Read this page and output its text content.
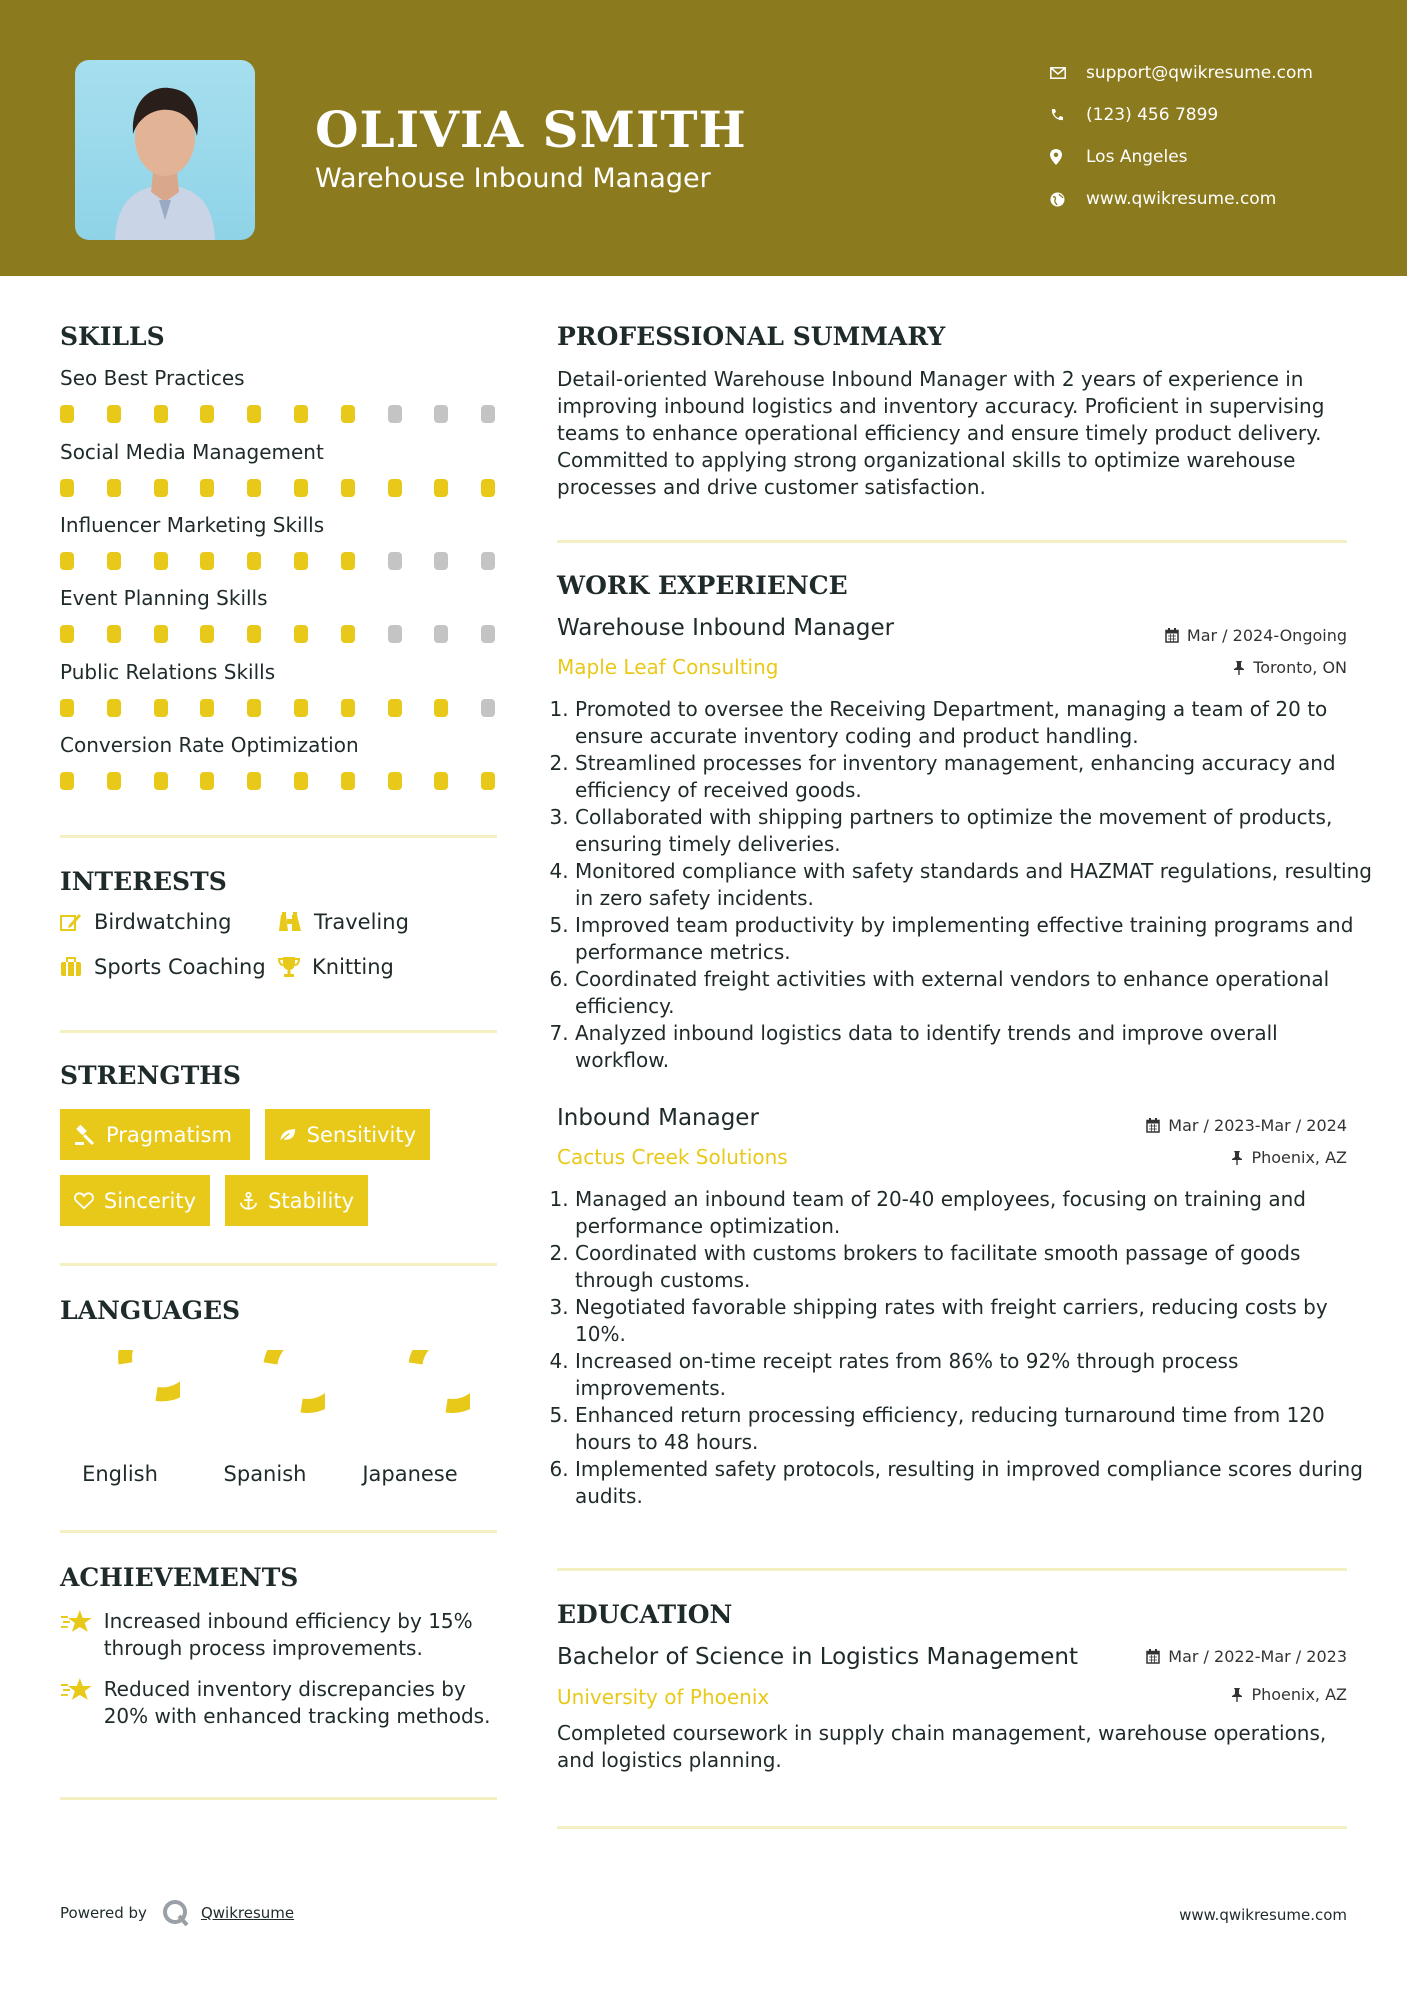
OLIVIA SMITH
Warehouse Inbound Manager
support@qwikresume.com
(123) 456 7899
Los Angeles
www.qwikresume.com
SKILLS
Seo Best Practices
Social Media Management
Influencer Marketing Skills
Event Planning Skills
Public Relations Skills
Conversion Rate Optimization
INTERESTS
Birdwatching	Traveling
Sports Coaching Knitting
STRENGTHS
Pragmatism	Sensitivity
Sincerity	Stability
LANGUAGES
English	Spanish	Japanese
ACHIEVEMENTS
Increased inbound efficiency by 15% through process improvements.
Reduced inventory discrepancies by 20% with enhanced tracking methods.
PROFESSIONAL SUMMARY

Detail-oriented Warehouse Inbound Manager with 2 years of experience in improving inbound logistics and inventory accuracy. Proficient in supervising teams to enhance operational efficiency and ensure timely product delivery. Committed to applying strong organizational skills to optimize warehouse processes and drive customer satisfaction.

WORK EXPERIENCE
Warehouse Inbound Manager	Mar / 2024-Ongoing
Maple Leaf Consulting	Toronto, ON
1. Promoted to oversee the Receiving Department, managing a team of 20 to ensure accurate inventory coding and product handling.
2. Streamlined processes for inventory management, enhancing accuracy and efficiency of received goods.
3. Collaborated with shipping partners to optimize the movement of products, ensuring timely deliveries.
4. Monitored compliance with safety standards and HAZMAT regulations, resulting in zero safety incidents.
5. Improved team productivity by implementing effective training programs and performance metrics.
6. Coordinated freight activities with external vendors to enhance operational efficiency.
7. Analyzed inbound logistics data to identify trends and improve overall workflow.
Inbound Manager	Mar / 2023-Mar / 2024
Cactus Creek Solutions	Phoenix, AZ
1. Managed an inbound team of 20-40 employees, focusing on training and performance optimization.
2. Coordinated with customs brokers to facilitate smooth passage of goods through customs.
3. Negotiated favorable shipping rates with freight carriers, reducing costs by 10%.
4. Increased on-time receipt rates from 86% to 92% through process improvements.
5. Enhanced return processing efficiency, reducing turnaround time from 120 hours to 48 hours.
6. Implemented safety protocols, resulting in improved compliance scores during audits.
EDUCATION
Bachelor of Science in Logistics Management	Mar / 2022-Mar / 2023
University of Phoenix	Phoenix, AZ

Completed coursework in supply chain management, warehouse operations, and logistics planning.

Powered by	Qwikresume	www.qwikresume.com
